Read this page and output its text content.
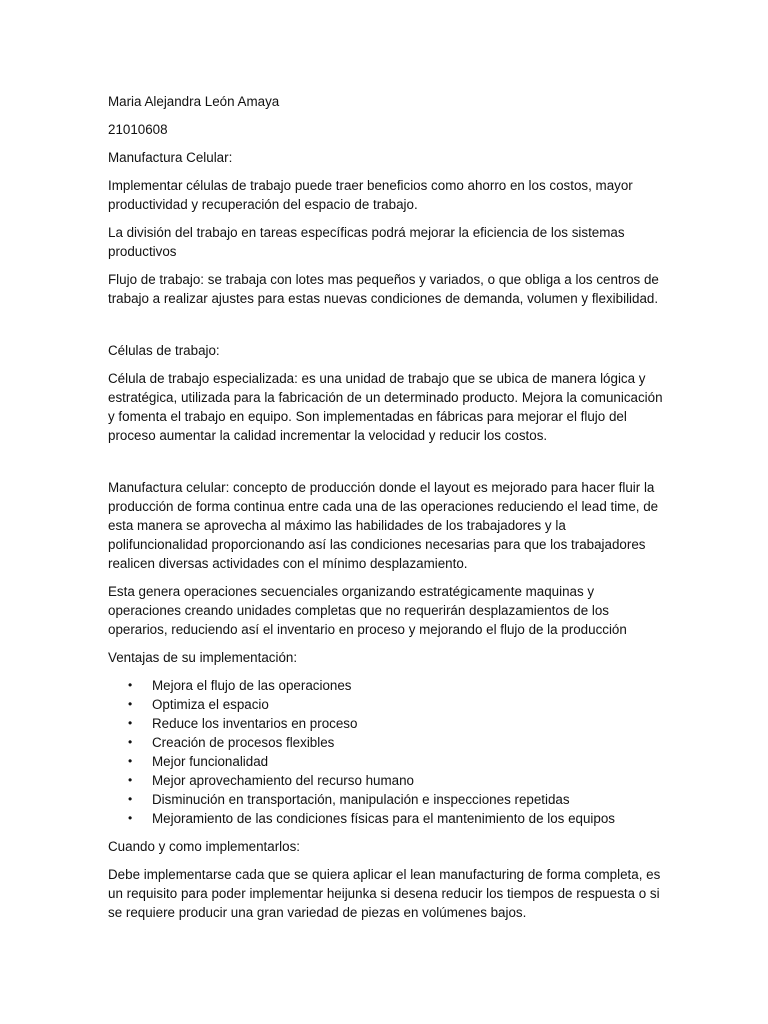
Maria Alejandra León Amaya

21010608

Manufactura Celular:

Implementar células de trabajo puede traer beneficios como ahorro en los costos, mayor productividad y recuperación del espacio de trabajo.

La división del trabajo en tareas específicas podrá mejorar la eficiencia de los sistemas productivos

Flujo de trabajo: se trabaja con lotes mas pequeños y variados, o que obliga a los centros de trabajo a realizar ajustes para estas nuevas condiciones de demanda, volumen y flexibilidad.

Células de trabajo:

Célula de trabajo especializada: es una unidad de trabajo que se ubica de manera lógica y estratégica, utilizada para la fabricación de un determinado producto. Mejora la comunicación y fomenta el trabajo en equipo. Son implementadas en fábricas para mejorar el flujo del proceso aumentar la calidad incrementar la velocidad y reducir los costos.

Manufactura celular: concepto de producción donde el layout es mejorado para hacer fluir la producción de forma continua entre cada una de las operaciones reduciendo el lead time, de esta manera se aprovecha al máximo las habilidades de los trabajadores y la polifuncionalidad proporcionando así las condiciones necesarias para que los trabajadores realicen diversas actividades con el mínimo desplazamiento.

Esta genera operaciones secuenciales organizando estratégicamente maquinas y operaciones creando unidades completas que no requerirán desplazamientos de los operarios, reduciendo así el inventario en proceso y mejorando el flujo de la producción

Ventajas de su implementación:

• Mejora el flujo de las operaciones
• Optimiza el espacio
• Reduce los inventarios en proceso
• Creación de procesos flexibles
• Mejor funcionalidad
• Mejor aprovechamiento del recurso humano
• Disminución en transportación, manipulación e inspecciones repetidas
• Mejoramiento de las condiciones físicas para el mantenimiento de los equipos

Cuando y como implementarlos:

Debe implementarse cada que se quiera aplicar el lean manufacturing de forma completa, es un requisito para poder implementar heijunka si desena reducir los tiempos de respuesta o si se requiere producir una gran variedad de piezas en volúmenes bajos.
